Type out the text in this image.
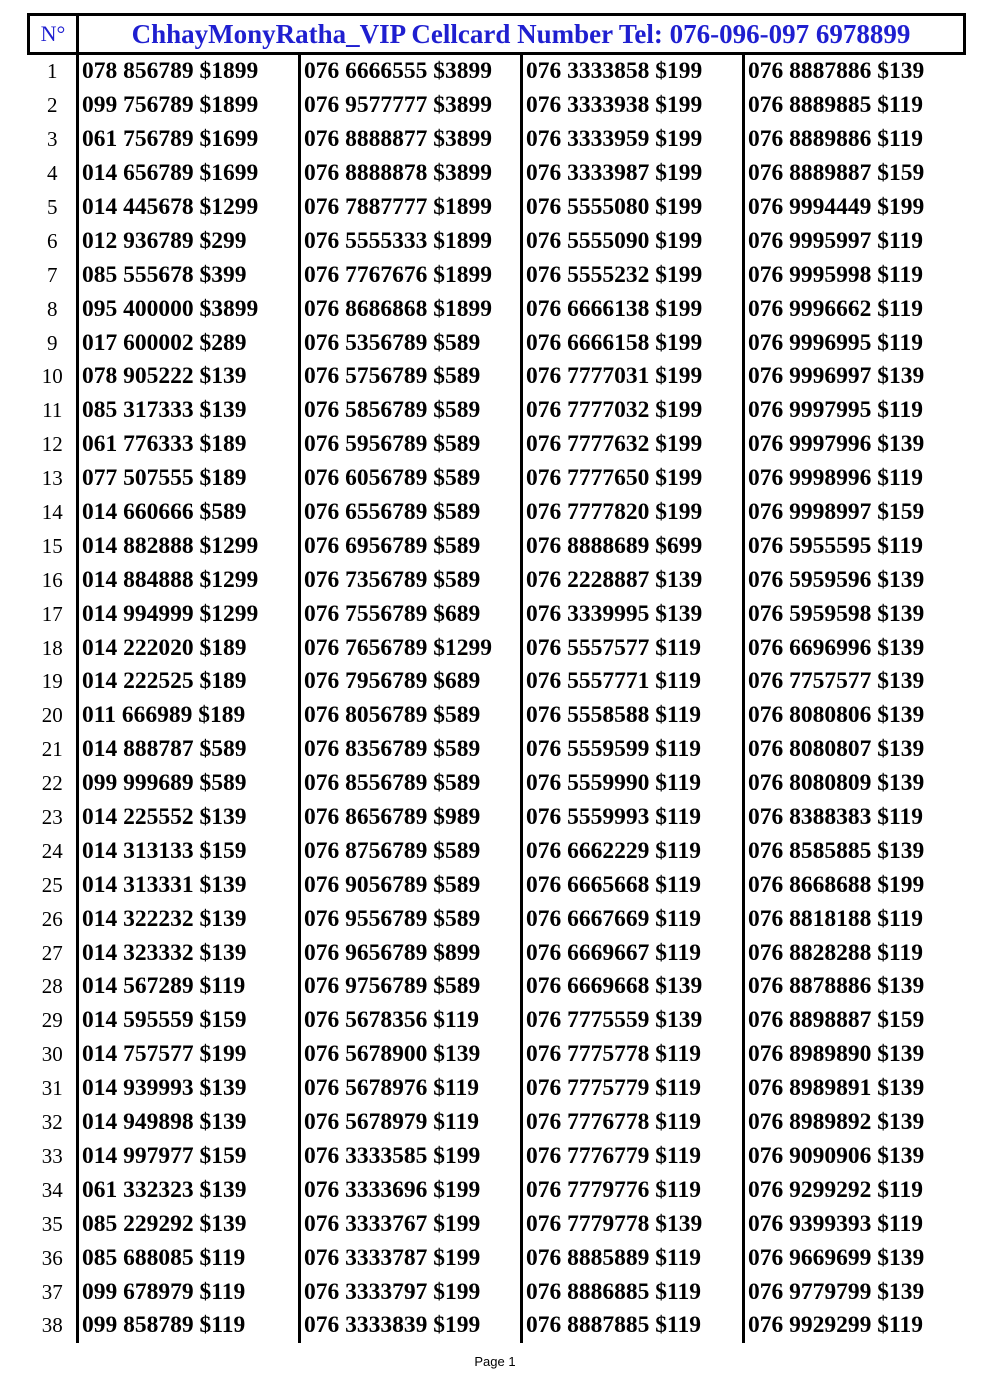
N°	ChhayMonyRatha_VIP Cellcard Number Tel: 076-096-097 6978899			
1	078 856789 $1899	076 6666555 $3899	076 3333858 $199	076 8887886 $139
2	099 756789 $1899	076 9577777 $3899	076 3333938 $199	076 8889885 $119
3	061 756789 $1699	076 8888877 $3899	076 3333959 $199	076 8889886 $119
4	014 656789 $1699	076 8888878 $3899	076 3333987 $199	076 8889887 $159
5	014 445678 $1299	076 7887777 $1899	076 5555080 $199	076 9994449 $199
6	012 936789 $299	076 5555333 $1899	076 5555090 $199	076 9995997 $119
7	085 555678 $399	076 7767676 $1899	076 5555232 $199	076 9995998 $119
8	095 400000 $3899	076 8686868 $1899	076 6666138 $199	076 9996662 $119
9	017 600002 $289	076 5356789 $589	076 6666158 $199	076 9996995 $119
10	078 905222 $139	076 5756789 $589	076 7777031 $199	076 9996997 $139
11	085 317333 $139	076 5856789 $589	076 7777032 $199	076 9997995 $119
12	061 776333 $189	076 5956789 $589	076 7777632 $199	076 9997996 $139
13	077 507555 $189	076 6056789 $589	076 7777650 $199	076 9998996 $119
14	014 660666 $589	076 6556789 $589	076 7777820 $199	076 9998997 $159
15	014 882888 $1299	076 6956789 $589	076 8888689 $699	076 5955595 $119
16	014 884888 $1299	076 7356789 $589	076 2228887 $139	076 5959596 $139
17	014 994999 $1299	076 7556789 $689	076 3339995 $139	076 5959598 $139
18	014 222020 $189	076 7656789 $1299	076 5557577 $119	076 6696996 $139
19	014 222525 $189	076 7956789 $689	076 5557771 $119	076 7757577 $139
20	011 666989 $189	076 8056789 $589	076 5558588 $119	076 8080806 $139
21	014 888787 $589	076 8356789 $589	076 5559599 $119	076 8080807 $139
22	099 999689 $589	076 8556789 $589	076 5559990 $119	076 8080809 $139
23	014 225552 $139	076 8656789 $989	076 5559993 $119	076 8388383 $119
24	014 313133 $159	076 8756789 $589	076 6662229 $119	076 8585885 $139
25	014 313331 $139	076 9056789 $589	076 6665668 $119	076 8668688 $199
26	014 322232 $139	076 9556789 $589	076 6667669 $119	076 8818188 $119
27	014 323332 $139	076 9656789 $899	076 6669667 $119	076 8828288 $119
28	014 567289 $119	076 9756789 $589	076 6669668 $139	076 8878886 $139
29	014 595559 $159	076 5678356 $119	076 7775559 $139	076 8898887 $159
30	014 757577 $199	076 5678900 $139	076 7775778 $119	076 8989890 $139
31	014 939993 $139	076 5678976 $119	076 7775779 $119	076 8989891 $139
32	014 949898 $139	076 5678979 $119	076 7776778 $119	076 8989892 $139
33	014 997977 $159	076 3333585 $199	076 7776779 $119	076 9090906 $139
34	061 332323 $139	076 3333696 $199	076 7779776 $119	076 9299292 $119
35	085 229292 $139	076 3333767 $199	076 7779778 $139	076 9399393 $119
36	085 688085 $119	076 3333787 $199	076 8885889 $119	076 9669699 $139
37	099 678979 $119	076 3333797 $199	076 8886885 $119	076 9779799 $139
38	099 858789 $119	076 3333839 $199	076 8887885 $119	076 9929299 $119
Page 1
